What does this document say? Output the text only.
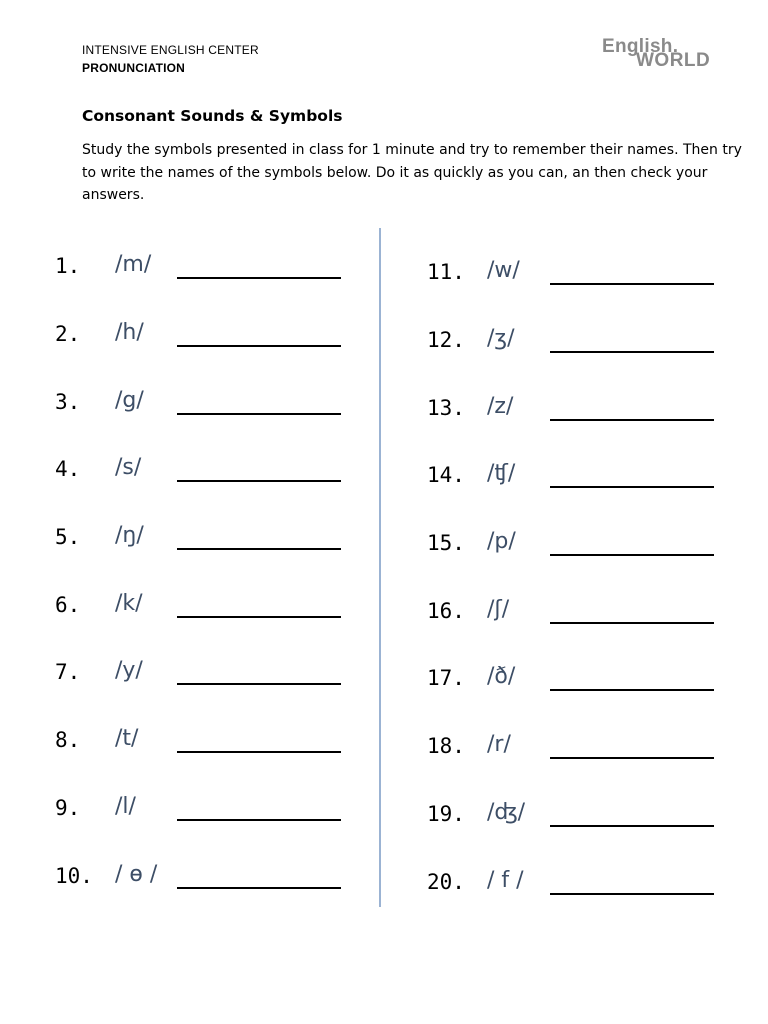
INTENSIVE ENGLISH CENTER
PRONUNCIATION
English.
WORLD
Consonant Sounds & Symbols
Study the symbols presented in class for 1 minute and try to remember their names. Then try to write the names of the symbols below. Do it as quickly as you can, an then check your answers.
1. /m/
2. /h/
3. /g/
4. /s/
5. /ŋ/
6. /k/
7. /y/
8. /t/
9. /l/
10. / ɵ /
11. /w/
12. /ʒ/
13. /z/
14. /ʧ/
15. /p/
16. /ʃ/
17. /ð/
18. /r/
19. /ʤ/
20. / f /
